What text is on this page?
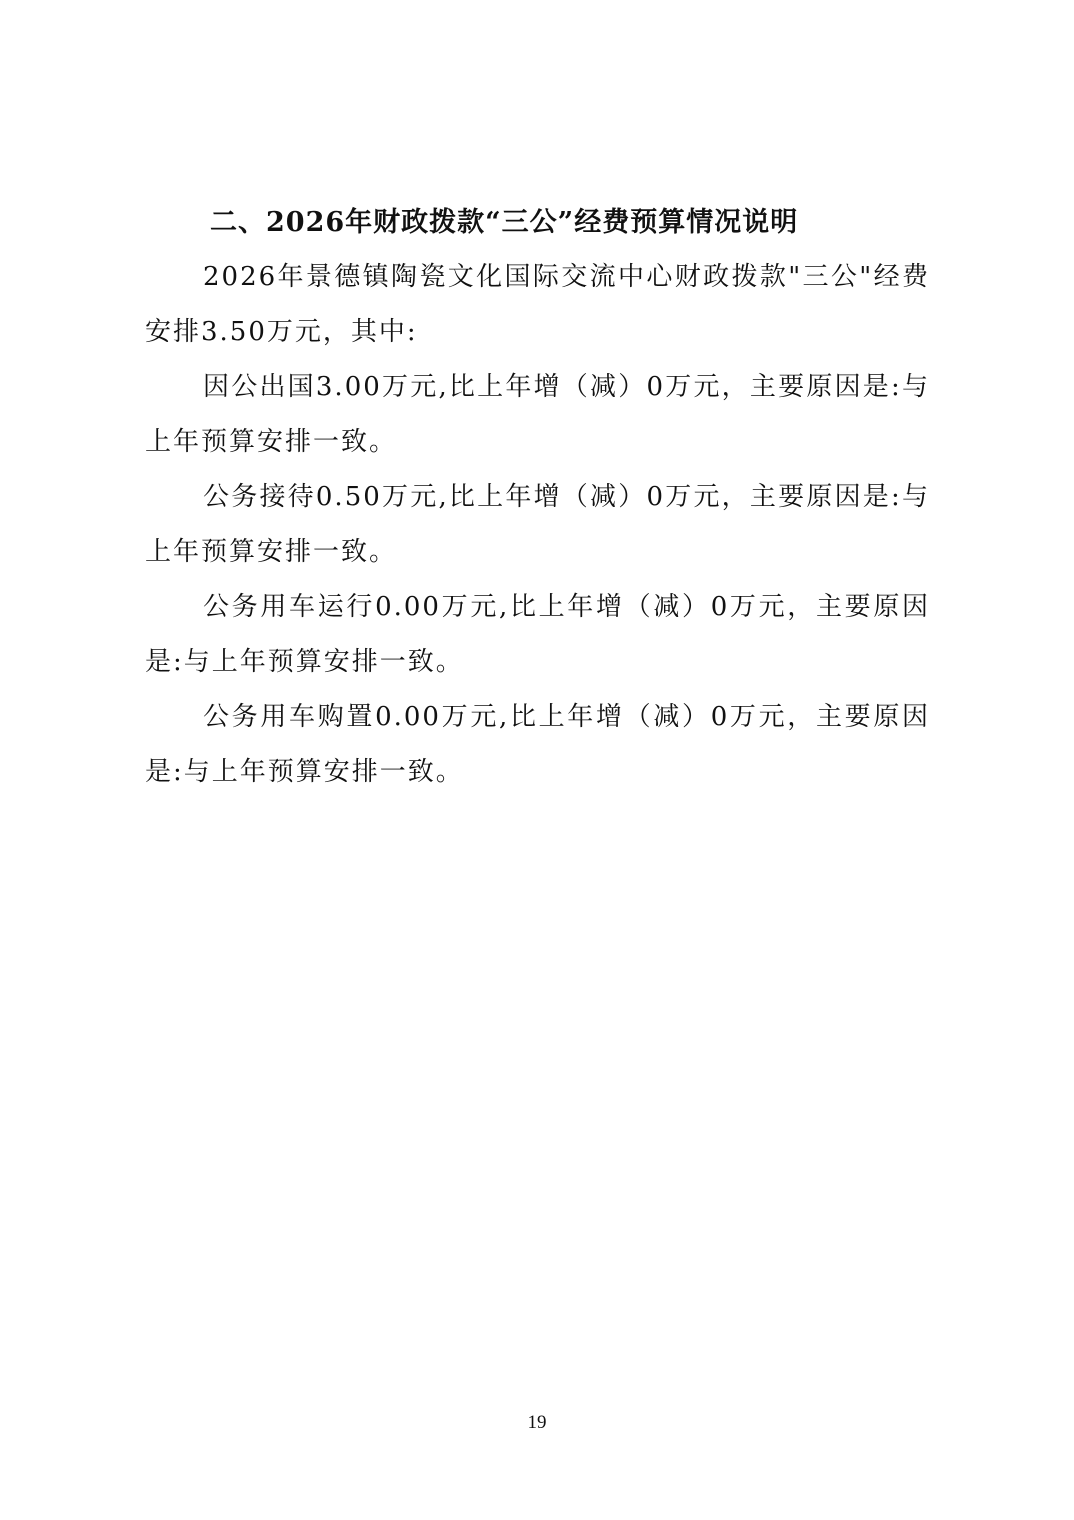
二、2026年财政拨款“三公”经费预算情况说明

2026年景德镇陶瓷文化国际交流中心财政拨款"三公"经费安排3.50万元，其中:

因公出国3.00万元,比上年增（减）0万元，主要原因是:与上年预算安排一致。

公务接待0.50万元,比上年增（减）0万元，主要原因是:与上年预算安排一致。

公务用车运行0.00万元,比上年增（减）0万元，主要原因是:与上年预算安排一致。

公务用车购置0.00万元,比上年增（减）0万元，主要原因是:与上年预算安排一致。

19
